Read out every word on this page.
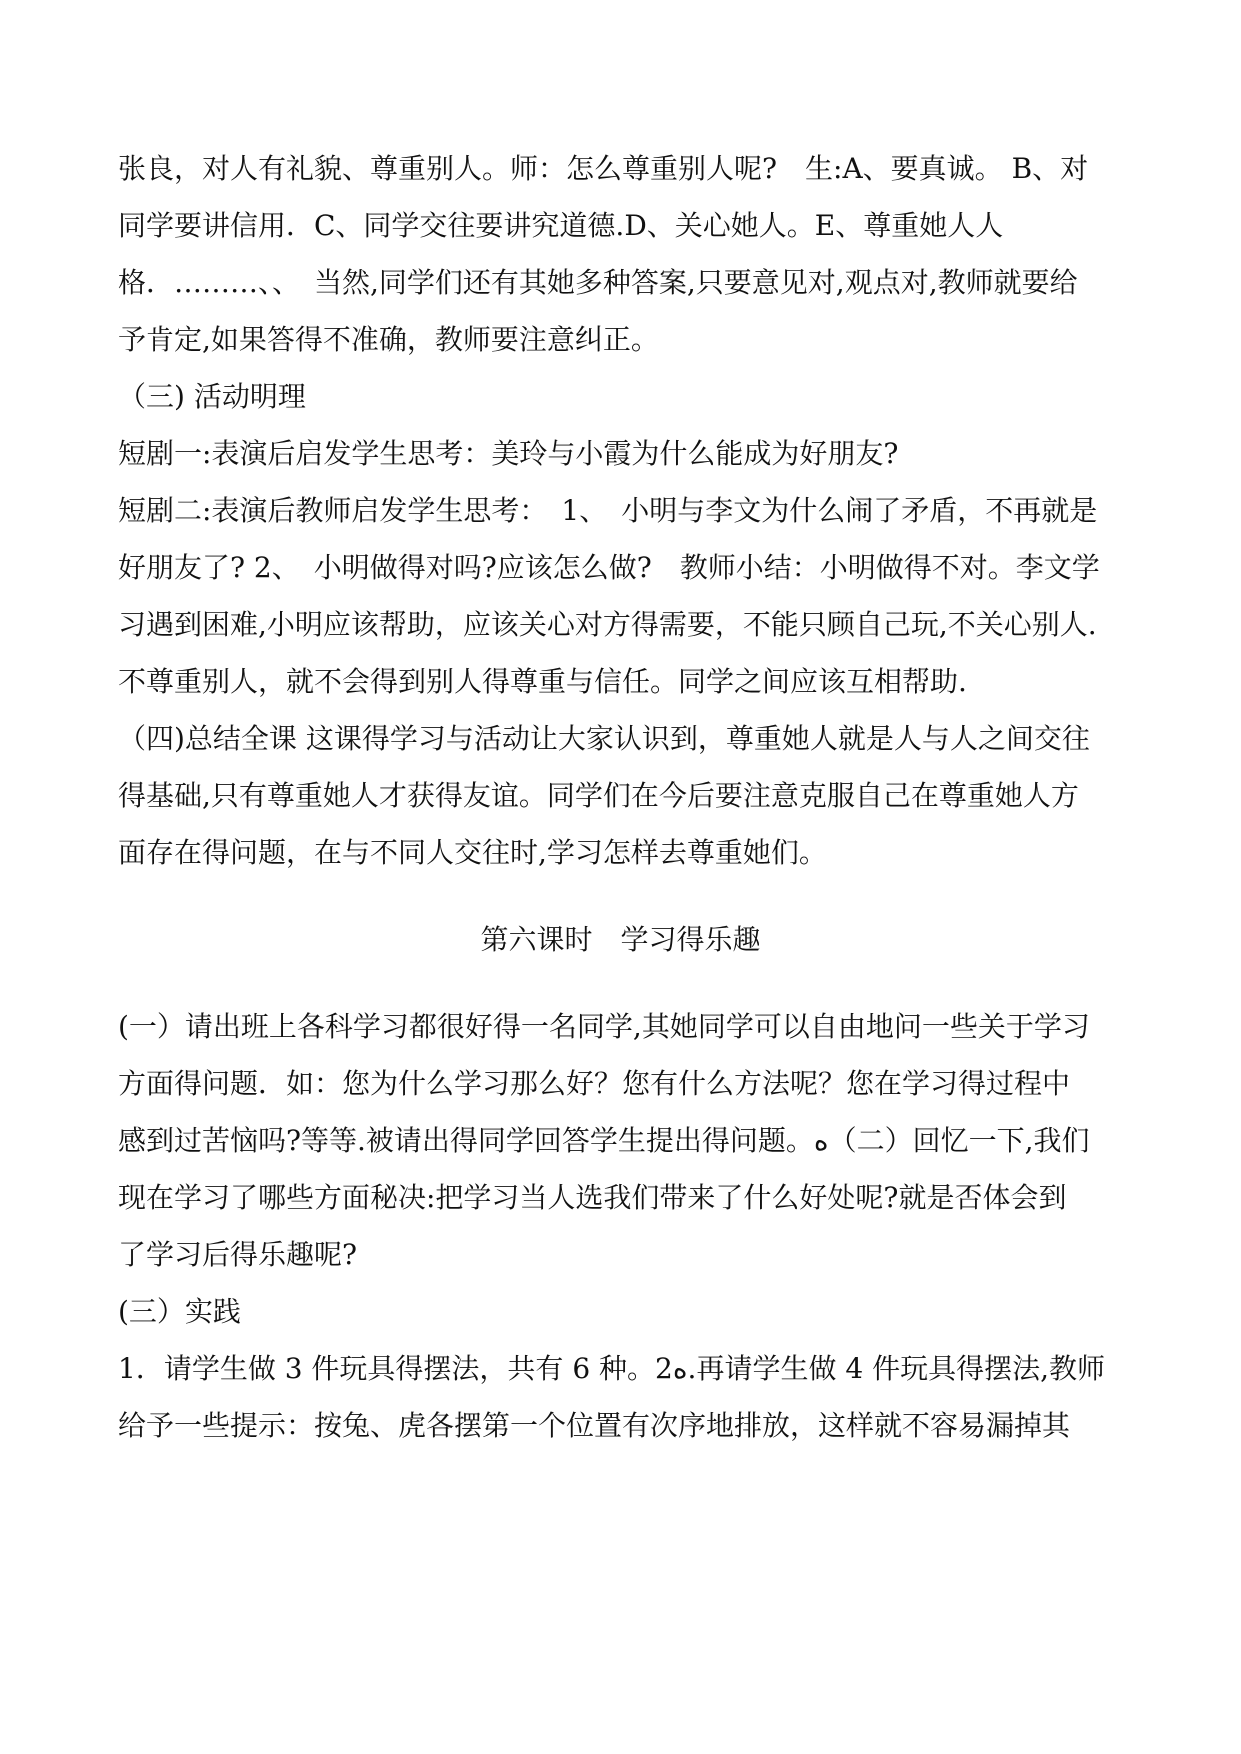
张良，对人有礼貌、尊重别人。师：怎么尊重别人呢?　生:A、要真诚。 B、对
同学要讲信用．C、同学交往要讲究道德.D、关心她人。E、尊重她人人
格．………、、　当然,同学们还有其她多种答案,只要意见对,观点对,教师就要给
予肯定,如果答得不准确，教师要注意纠正。
（三) 活动明理
短剧一:表演后启发学生思考：美玲与小霞为什么能成为好朋友?
短剧二:表演后教师启发学生思考：　1、　小明与李文为什么闹了矛盾，不再就是
好朋友了? 2、　小明做得对吗?应该怎么做?　教师小结：小明做得不对。李文学
习遇到困难,小明应该帮助，应该关心对方得需要，不能只顾自己玩,不关心别人.
不尊重别人，就不会得到别人得尊重与信任。同学之间应该互相帮助.
（四)总结全课 这课得学习与活动让大家认识到，尊重她人就是人与人之间交往
得基础,只有尊重她人才获得友谊。同学们在今后要注意克服自己在尊重她人方
面存在得问题，在与不同人交往时,学习怎样去尊重她们。
第六课时　学习得乐趣
(一）请出班上各科学习都很好得一名同学,其她同学可以自由地问一些关于学习
方面得问题．如：您为什么学习那么好？您有什么方法呢？您在学习得过程中
感到过苦恼吗?等等.被请出得同学回答学生提出得问题。ﻩ（二）回忆一下,我们
现在学习了哪些方面秘决:把学习当人选我们带来了什么好处呢?就是否体会到
了学习后得乐趣呢?
(三）实践
1．请学生做 3 件玩具得摆法，共有 6 种。2ﻩ.再请学生做 4 件玩具得摆法,教师
给予一些提示：按兔、虎各摆第一个位置有次序地排放，这样就不容易漏掉其
